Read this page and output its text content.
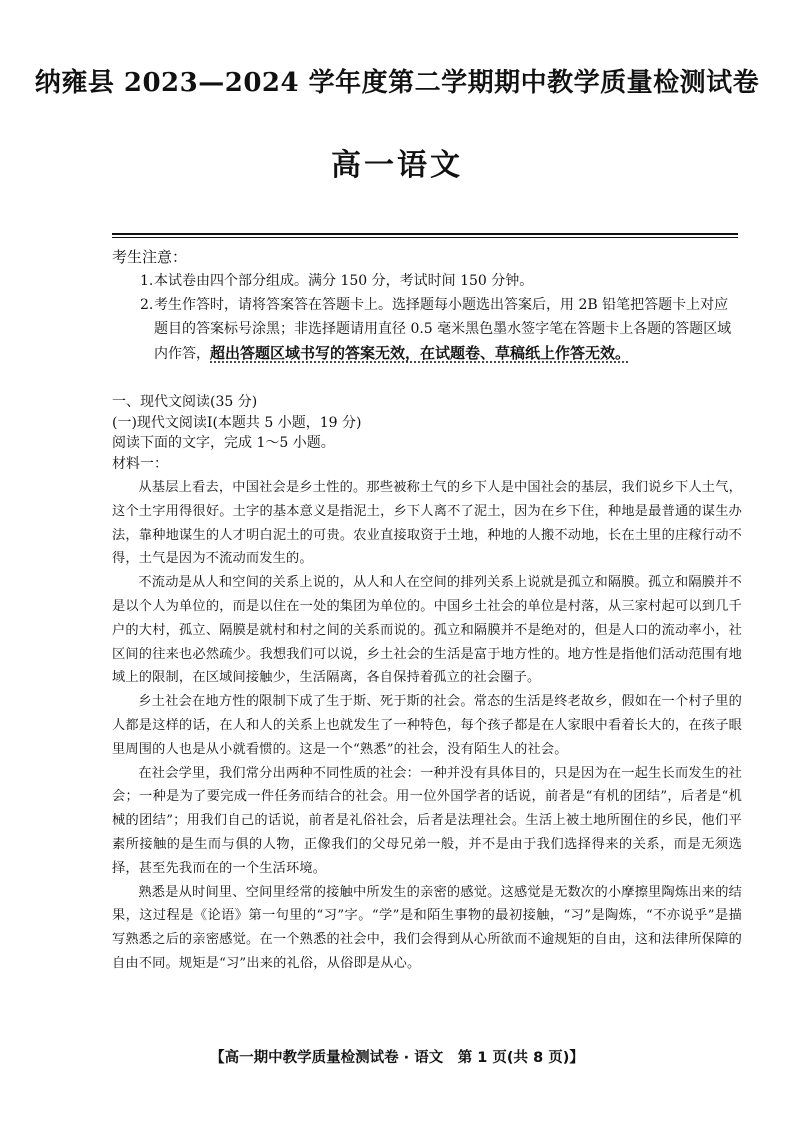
纳雍县 2023—2024 学年度第二学期期中教学质量检测试卷
高一语文
考生注意：
1. 本试卷由四个部分组成。满分 150 分，考试时间 150 分钟。
2. 考生作答时，请将答案答在答题卡上。选择题每小题选出答案后，用 2B 铅笔把答题卡上对应题目的答案标号涂黑；非选择题请用直径 0.5 毫米黑色墨水签字笔在答题卡上各题的答题区域内作答，超出答题区域书写的答案无效，在试题卷、草稿纸上作答无效。
一、现代文阅读(35 分)
(一)现代文阅读Ⅰ(本题共 5 小题，19 分)
阅读下面的文字，完成 1～5 小题。
材料一：

从基层上看去，中国社会是乡土性的。那些被称土气的乡下人是中国社会的基层，我们说乡下人土气，这个土字用得很好。土字的基本意义是指泥土，乡下人离不了泥土，因为在乡下住，种地是最普通的谋生办法，靠种地谋生的人才明白泥土的可贵。农业直接取资于土地，种地的人搬不动地，长在土里的庄稼行动不得，土气是因为不流动而发生的。

不流动是从人和空间的关系上说的，从人和人在空间的排列关系上说就是孤立和隔膜。孤立和隔膜并不是以个人为单位的，而是以住在一处的集团为单位的。中国乡土社会的单位是村落，从三家村起可以到几千户的大村，孤立、隔膜是就村和村之间的关系而说的。孤立和隔膜并不是绝对的，但是人口的流动率小，社区间的往来也必然疏少。我想我们可以说，乡土社会的生活是富于地方性的。地方性是指他们活动范围有地域上的限制，在区域间接触少，生活隔离，各自保持着孤立的社会圈子。

乡土社会在地方性的限制下成了生于斯、死于斯的社会。常态的生活是终老故乡，假如在一个村子里的人都是这样的话，在人和人的关系上也就发生了一种特色，每个孩子都是在人家眼中看着长大的，在孩子眼里周围的人也是从小就看惯的。这是一个“熟悉”的社会，没有陌生人的社会。

在社会学里，我们常分出两种不同性质的社会：一种并没有具体目的，只是因为在一起生长而发生的社会；一种是为了要完成一件任务而结合的社会。用一位外国学者的话说，前者是“有机的团结”，后者是“机械的团结”；用我们自己的话说，前者是礼俗社会，后者是法理社会。生活上被土地所囿住的乡民，他们平素所接触的是生而与俱的人物，正像我们的父母兄弟一般，并不是由于我们选择得来的关系，而是无须选择，甚至先我而在的一个生活环境。

熟悉是从时间里、空间里经常的接触中所发生的亲密的感觉。这感觉是无数次的小摩擦里陶炼出来的结果，这过程是《论语》第一句里的“习”字。“学”是和陌生事物的最初接触，“习”是陶炼，“不亦说乎”是描写熟悉之后的亲密感觉。在一个熟悉的社会中，我们会得到从心所欲而不逾规矩的自由，这和法律所保障的自由不同。规矩是“习”出来的礼俗，从俗即是从心。

【高一期中教学质量检测试卷 · 语文　第 1 页(共 8 页)】
